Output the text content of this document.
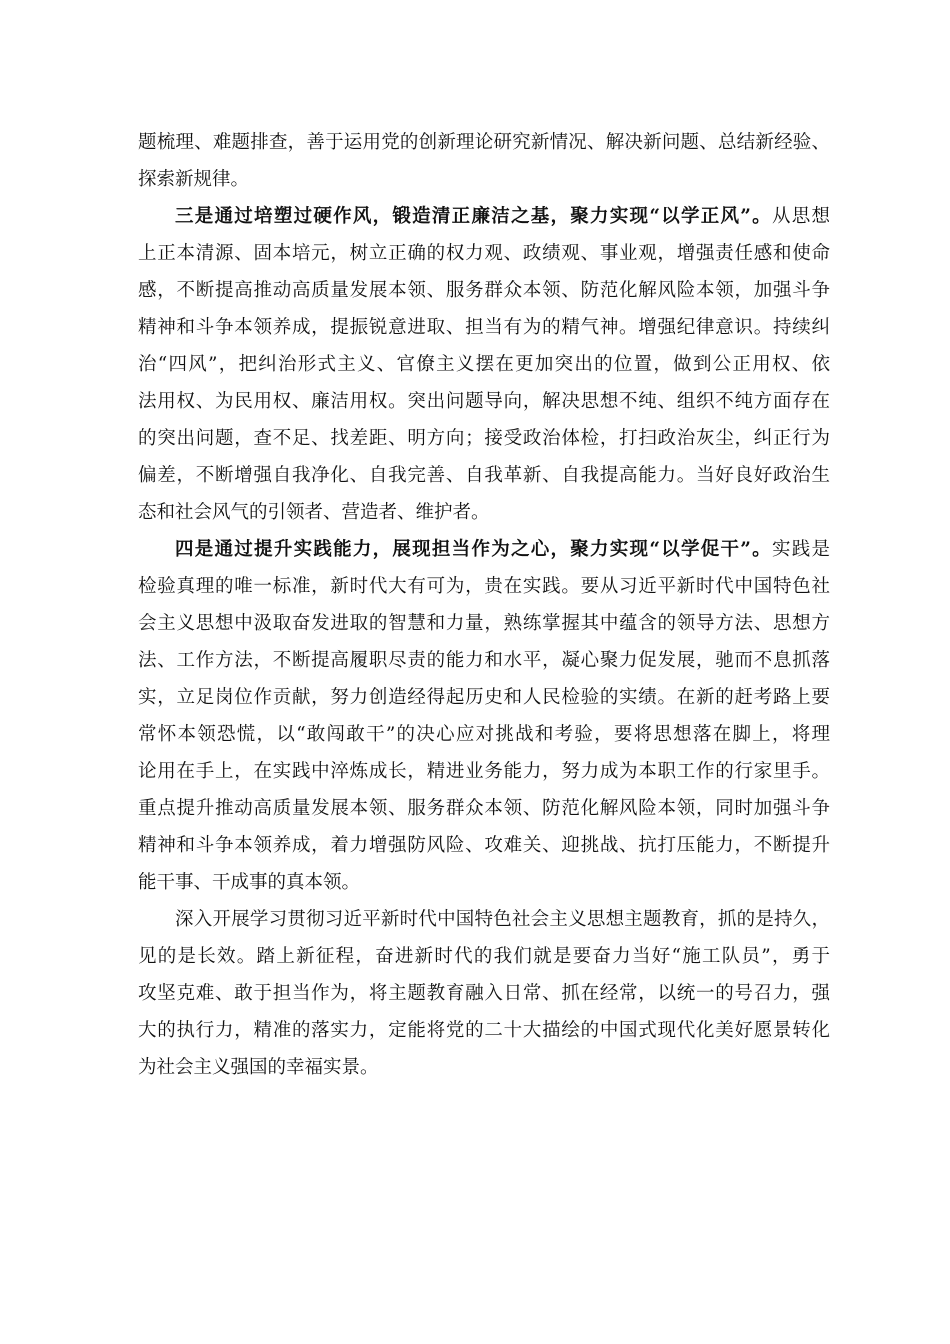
题梳理、难题排查，善于运用党的创新理论研究新情况、解决新问题、总结新经验、
探索新规律。
三是通过培塑过硬作风，锻造清正廉洁之基，聚力实现“以学正风”。从思想
上正本清源、固本培元，树立正确的权力观、政绩观、事业观，增强责任感和使命
感，不断提高推动高质量发展本领、服务群众本领、防范化解风险本领，加强斗争
精神和斗争本领养成，提振锐意进取、担当有为的精气神。增强纪律意识。持续纠
治“四风”，把纠治形式主义、官僚主义摆在更加突出的位置，做到公正用权、依
法用权、为民用权、廉洁用权。突出问题导向，解决思想不纯、组织不纯方面存在
的突出问题，查不足、找差距、明方向；接受政治体检，打扫政治灰尘，纠正行为
偏差，不断增强自我净化、自我完善、自我革新、自我提高能力。当好良好政治生
态和社会风气的引领者、营造者、维护者。
四是通过提升实践能力，展现担当作为之心，聚力实现“以学促干”。实践是
检验真理的唯一标准，新时代大有可为，贵在实践。要从习近平新时代中国特色社
会主义思想中汲取奋发进取的智慧和力量，熟练掌握其中蕴含的领导方法、思想方
法、工作方法，不断提高履职尽责的能力和水平，凝心聚力促发展，驰而不息抓落
实，立足岗位作贡献，努力创造经得起历史和人民检验的实绩。在新的赶考路上要
常怀本领恐慌，以“敢闯敢干”的决心应对挑战和考验，要将思想落在脚上，将理
论用在手上，在实践中淬炼成长，精进业务能力，努力成为本职工作的行家里手。
重点提升推动高质量发展本领、服务群众本领、防范化解风险本领，同时加强斗争
精神和斗争本领养成，着力增强防风险、攻难关、迎挑战、抗打压能力，不断提升
能干事、干成事的真本领。
深入开展学习贯彻习近平新时代中国特色社会主义思想主题教育，抓的是持久，
见的是长效。踏上新征程，奋进新时代的我们就是要奋力当好“施工队员”，勇于
攻坚克难、敢于担当作为，将主题教育融入日常、抓在经常，以统一的号召力，强
大的执行力，精准的落实力，定能将党的二十大描绘的中国式现代化美好愿景转化
为社会主义强国的幸福实景。
